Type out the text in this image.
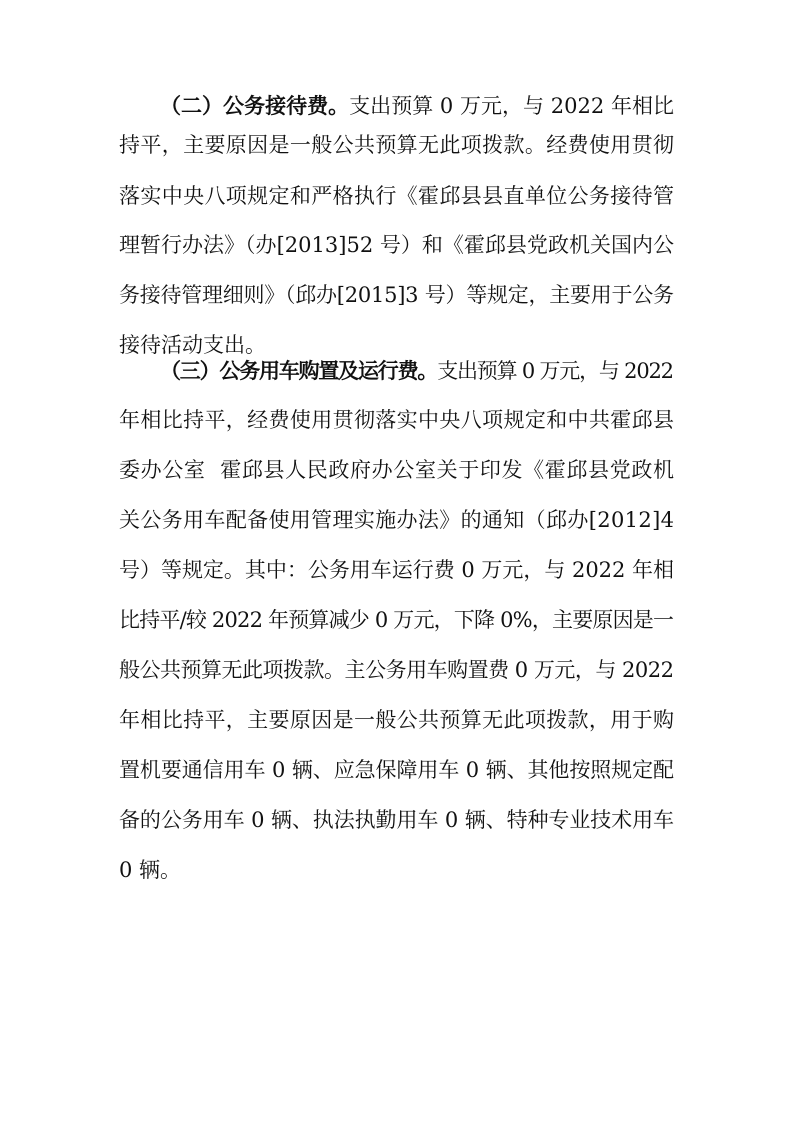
（二）公务接待费。支出预算 0 万元，与 2022 年相比
持平，主要原因是一般公共预算无此项拨款。经费使用贯彻
落实中央八项规定和严格执行《霍邱县县直单位公务接待管
理暂行办法》（办[2013]52 号）和《霍邱县党政机关国内公
务接待管理细则》（邱办[2015]3 号）等规定，主要用于公务
接待活动支出。
（三）公务用车购置及运行费。支出预算 0 万元，与 2022
年相比持平，经费使用贯彻落实中央八项规定和中共霍邱县
委办公室  霍邱县人民政府办公室关于印发《霍邱县党政机
关公务用车配备使用管理实施办法》的通知（邱办[2012]4
号）等规定。其中：公务用车运行费 0 万元，与 2022 年相
比持平/较 2022 年预算减少 0 万元，下降 0%，主要原因是一
般公共预算无此项拨款。主公务用车购置费 0 万元，与 2022
年相比持平，主要原因是一般公共预算无此项拨款，用于购
置机要通信用车 0 辆、应急保障用车 0 辆、其他按照规定配
备的公务用车 0 辆、执法执勤用车 0 辆、特种专业技术用车
0 辆。
